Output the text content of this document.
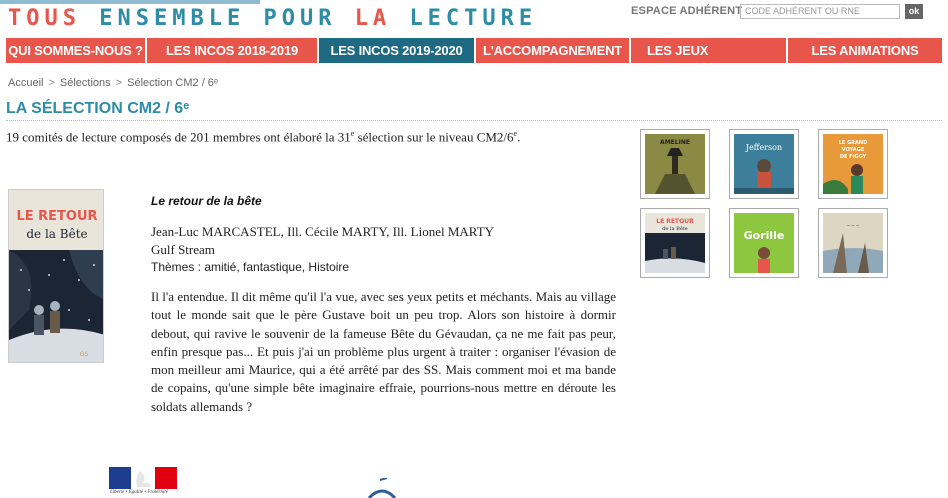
TOUS ENSEMBLE POUR LA LECTURE	ESPACE ADHÉRENT CODE ADHÉRENT OU RNE	ok
QUI SOMMES-NOUS ?	LES INCOS 2018-2019	LES INCOS 2019-2020	L'ACCOMPAGNEMENT	LES JEUX	LES ANIMATIONS
Accueil > Sélections > Sélection CM2 / 6ᵉ
LA SÉLECTION CM2 / 6ᵉ

19 comités de lecture composés de 201 membres ont élaboré la 31e sélection sur le niveau CM2/6e.

LE RETOUR
de la Bête
GS
Le retour de la bête
Jean-Luc MARCASTEL, Ill. Cécile MARTY, Ill. Lionel MARTY
Gulf Stream
Thèmes : amitié, fantastique, Histoire

Il l'a entendue. Il dit même qu'il l'a vue, avec ses yeux petits et méchants. Mais au village tout le monde sait que le père Gustave boit un peu trop. Alors son histoire à dormir debout, qui ravive le souvenir de la fameuse Bête du Gévaudan, ça ne me fait pas peur, enfin presque pas... Et puis j'ai un problème plus urgent à traiter : organiser l'évasion de mon meilleur ami Maurice, qui a été arrêté par des SS. Mais comment moi et ma bande de copains, qu'une simple bête imaginaire effraie, pourrions-nous mettre en déroute les soldats allemands ?

AMELINE
Jefferson	LE GRAND
VOYAGE
DE FIGGY
LE RETOUR
de la Bête	Gorille
~ ~ ~
Liberté • Égalité • Fraternité
